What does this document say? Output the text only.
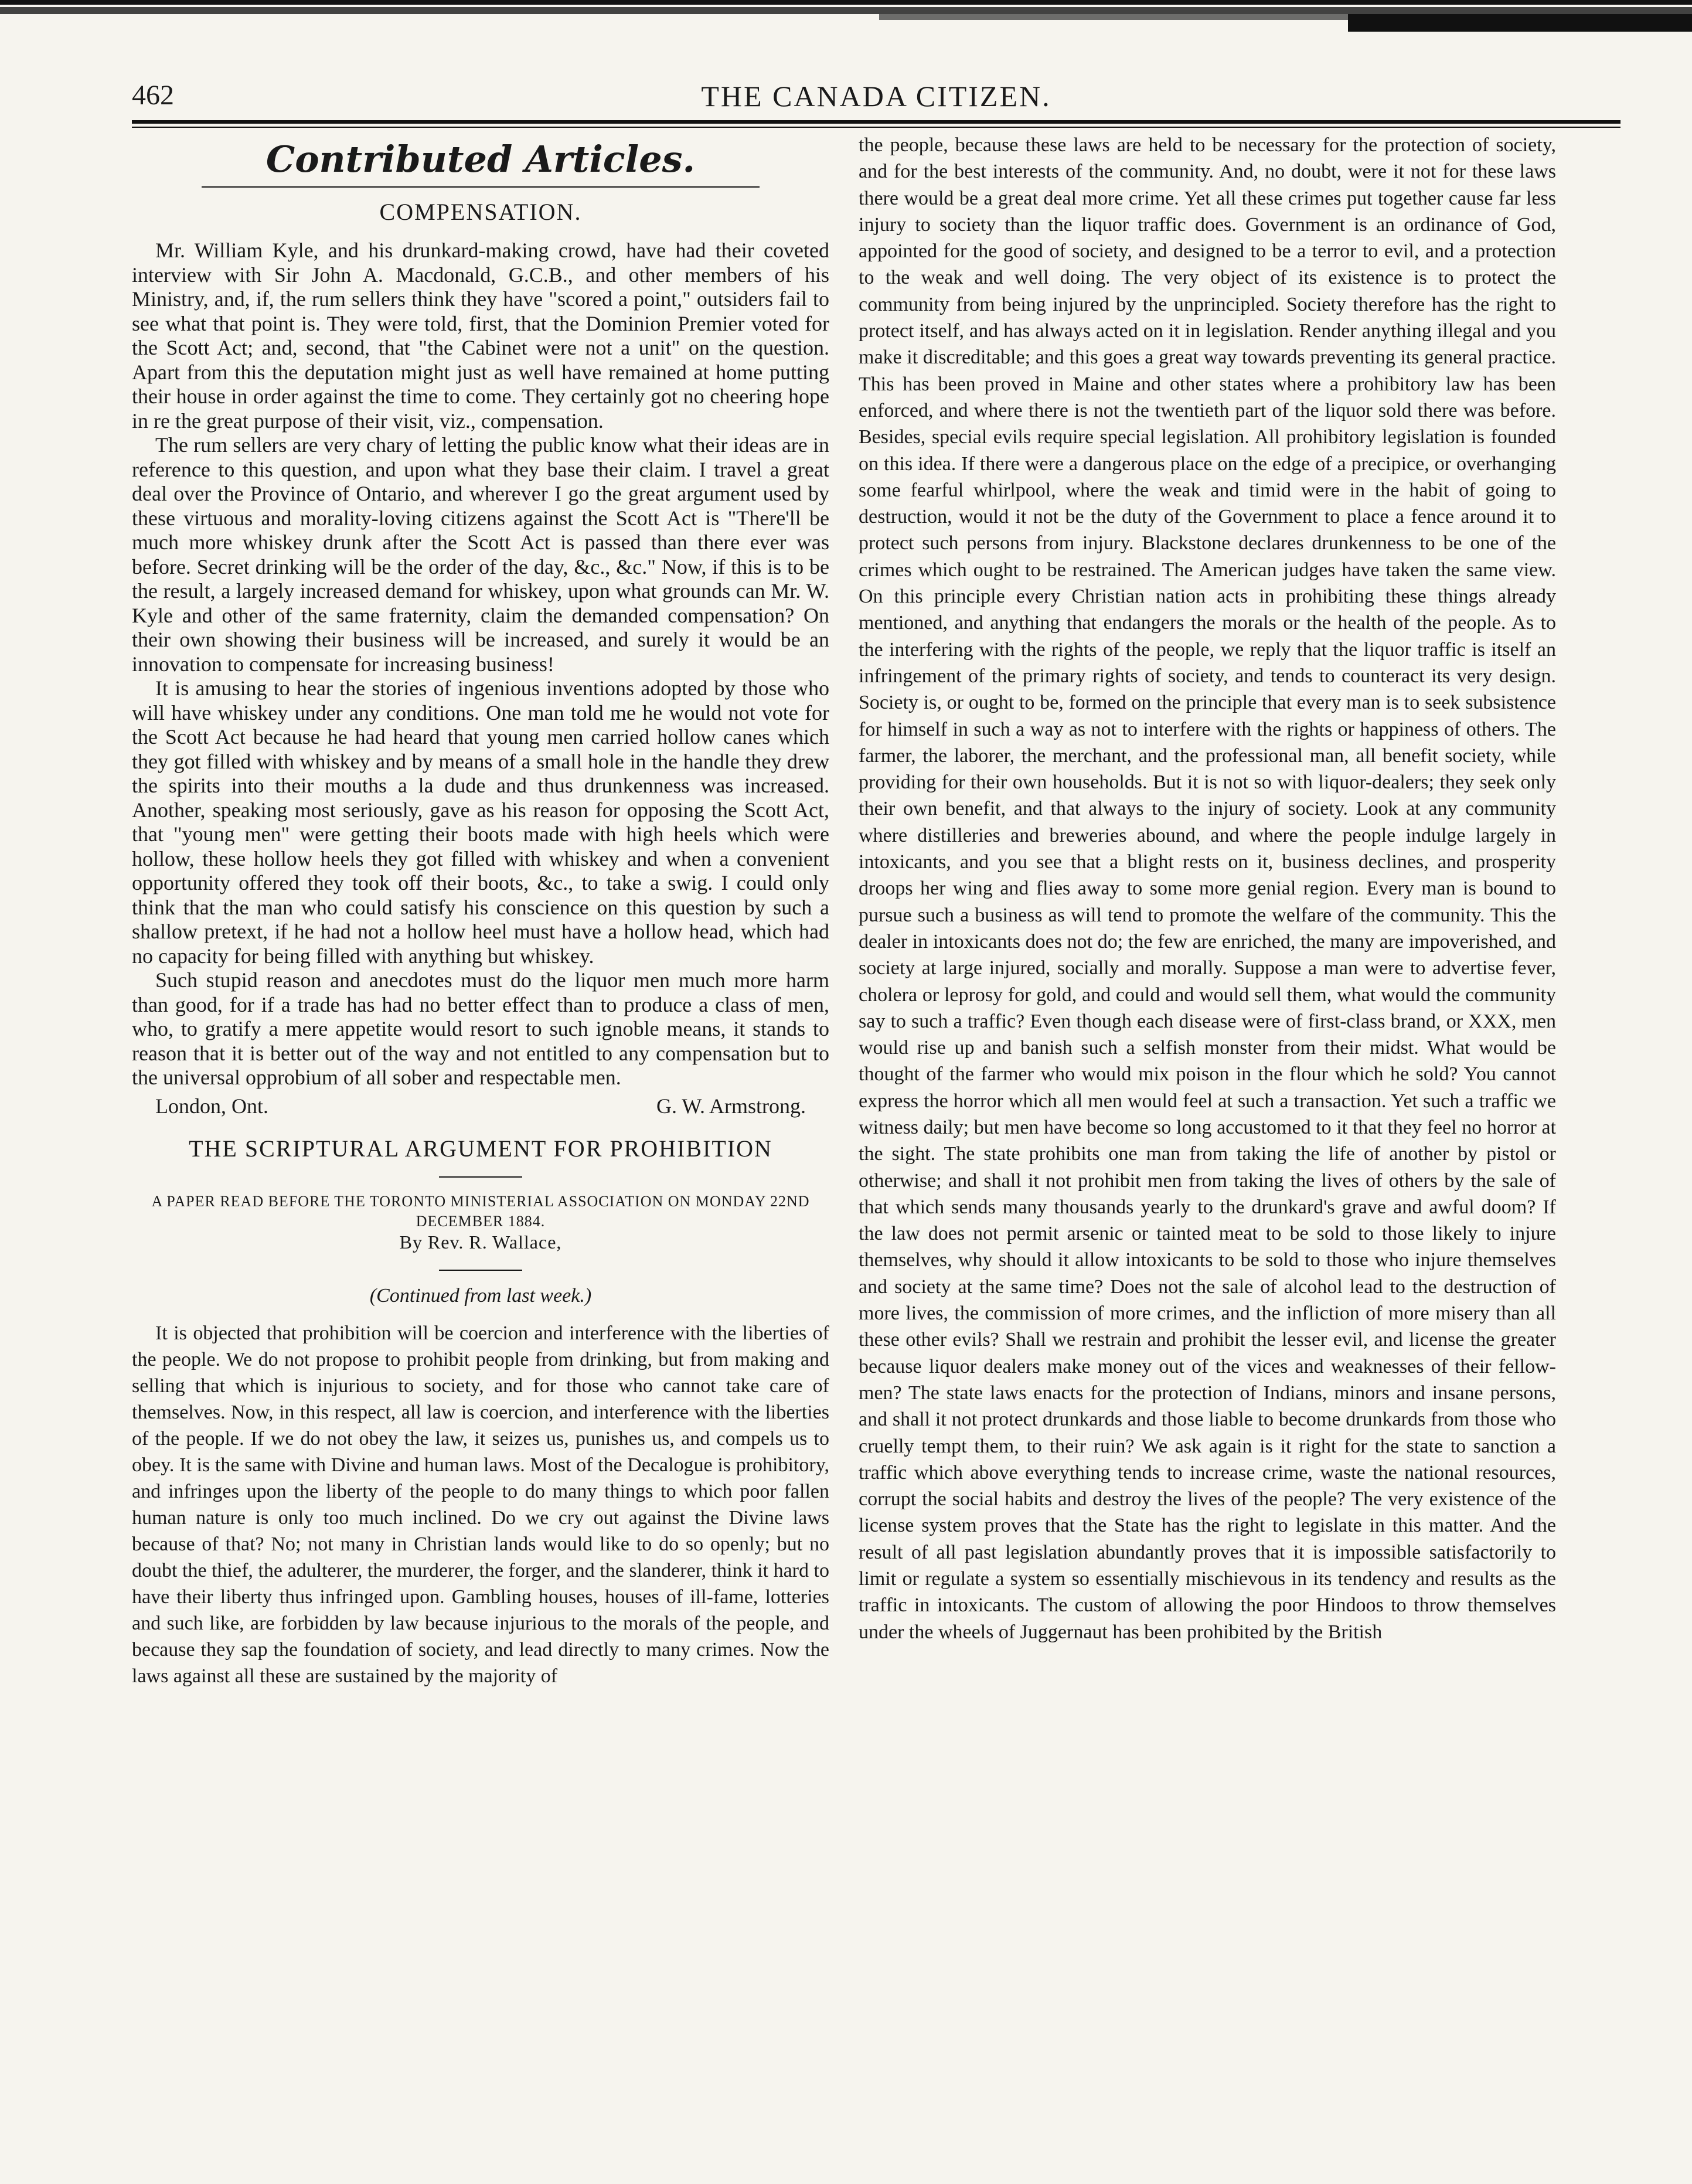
THE CANADA CITIZEN.
462
Contributed Articles.
COMPENSATION.

Mr. William Kyle, and his drunkard-making crowd, have had their coveted interview with Sir John A. Macdonald, G.C.B., and other members of his Ministry, and, if, the rum sellers think they have "scored a point," outsiders fail to see what that point is. They were told, first, that the Dominion Premier voted for the Scott Act; and, second, that "the Cabinet were not a unit" on the question. Apart from this the deputation might just as well have remained at home putting their house in order against the time to come. They certainly got no cheering hope in re the great purpose of their visit, viz., compensation.

The rum sellers are very chary of letting the public know what their ideas are in reference to this question, and upon what they base their claim. I travel a great deal over the Province of Ontario, and wherever I go the great argument used by these virtuous and morality-loving citizens against the Scott Act is "There'll be much more whiskey drunk after the Scott Act is passed than there ever was before. Secret drinking will be the order of the day, &c., &c." Now, if this is to be the result, a largely increased demand for whiskey, upon what grounds can Mr. W. Kyle and other of the same fraternity, claim the demanded compensation? On their own showing their business will be increased, and surely it would be an innovation to compensate for increasing business!

It is amusing to hear the stories of ingenious inventions adopted by those who will have whiskey under any conditions. One man told me he would not vote for the Scott Act because he had heard that young men carried hollow canes which they got filled with whiskey and by means of a small hole in the handle they drew the spirits into their mouths a la dude and thus drunkenness was increased. Another, speaking most seriously, gave as his reason for opposing the Scott Act, that "young men" were getting their boots made with high heels which were hollow, these hollow heels they got filled with whiskey and when a convenient opportunity offered they took off their boots, &c., to take a swig. I could only think that the man who could satisfy his conscience on this question by such a shallow pretext, if he had not a hollow heel must have a hollow head, which had no capacity for being filled with anything but whiskey.

Such stupid reason and anecdotes must do the liquor men much more harm than good, for if a trade has had no better effect than to produce a class of men, who, to gratify a mere appetite would resort to such ignoble means, it stands to reason that it is better out of the way and not entitled to any compensation but to the universal opprobium of all sober and respectable men.

London, Ont.	G. W. Armstrong.
THE SCRIPTURAL ARGUMENT FOR PROHIBITION
A PAPER READ BEFORE THE TORONTO MINISTERIAL ASSOCIATION ON MONDAY 22ND DECEMBER 1884.
By Rev. R. Wallace,
(Continued from last week.)

It is objected that prohibition will be coercion and interference with the liberties of the people. We do not propose to prohibit people from drinking, but from making and selling that which is injurious to society, and for those who cannot take care of themselves. Now, in this respect, all law is coercion, and interference with the liberties of the people. If we do not obey the law, it seizes us, punishes us, and compels us to obey. It is the same with Divine and human laws. Most of the Decalogue is prohibitory, and infringes upon the liberty of the people to do many things to which poor fallen human nature is only too much inclined. Do we cry out against the Divine laws because of that? No; not many in Christian lands would like to do so openly; but no doubt the thief, the adulterer, the murderer, the forger, and the slanderer, think it hard to have their liberty thus infringed upon. Gambling houses, houses of ill-fame, lotteries and such like, are forbidden by law because injurious to the morals of the people, and because they sap the foundation of society, and lead directly to many crimes. Now the laws against all these are sustained by the majority of

the people, because these laws are held to be necessary for the protection of society, and for the best interests of the community. And, no doubt, were it not for these laws there would be a great deal more crime. Yet all these crimes put together cause far less injury to society than the liquor traffic does. Government is an ordinance of God, appointed for the good of society, and designed to be a terror to evil, and a protection to the weak and well doing. The very object of its existence is to protect the community from being injured by the unprincipled. Society therefore has the right to protect itself, and has always acted on it in legislation. Render anything illegal and you make it discreditable; and this goes a great way towards preventing its general practice. This has been proved in Maine and other states where a prohibitory law has been enforced, and where there is not the twentieth part of the liquor sold there was before. Besides, special evils require special legislation. All prohibitory legislation is founded on this idea. If there were a dangerous place on the edge of a precipice, or overhanging some fearful whirlpool, where the weak and timid were in the habit of going to destruction, would it not be the duty of the Government to place a fence around it to protect such persons from injury. Blackstone declares drunkenness to be one of the crimes which ought to be restrained. The American judges have taken the same view. On this principle every Christian nation acts in prohibiting these things already mentioned, and anything that endangers the morals or the health of the people. As to the interfering with the rights of the people, we reply that the liquor traffic is itself an infringement of the primary rights of society, and tends to counteract its very design. Society is, or ought to be, formed on the principle that every man is to seek subsistence for himself in such a way as not to interfere with the rights or happiness of others. The farmer, the laborer, the merchant, and the professional man, all benefit society, while providing for their own households. But it is not so with liquor-dealers; they seek only their own benefit, and that always to the injury of society. Look at any community where distilleries and breweries abound, and where the people indulge largely in intoxicants, and you see that a blight rests on it, business declines, and prosperity droops her wing and flies away to some more genial region. Every man is bound to pursue such a business as will tend to promote the welfare of the community. This the dealer in intoxicants does not do; the few are enriched, the many are impoverished, and society at large injured, socially and morally. Suppose a man were to advertise fever, cholera or leprosy for gold, and could and would sell them, what would the community say to such a traffic? Even though each disease were of first-class brand, or XXX, men would rise up and banish such a selfish monster from their midst. What would be thought of the farmer who would mix poison in the flour which he sold? You cannot express the horror which all men would feel at such a transaction. Yet such a traffic we witness daily; but men have become so long accustomed to it that they feel no horror at the sight. The state prohibits one man from taking the life of another by pistol or otherwise; and shall it not prohibit men from taking the lives of others by the sale of that which sends many thousands yearly to the drunkard's grave and awful doom? If the law does not permit arsenic or tainted meat to be sold to those likely to injure themselves, why should it allow intoxicants to be sold to those who injure themselves and society at the same time? Does not the sale of alcohol lead to the destruction of more lives, the commission of more crimes, and the infliction of more misery than all these other evils? Shall we restrain and prohibit the lesser evil, and license the greater because liquor dealers make money out of the vices and weaknesses of their fellow-men? The state laws enacts for the protection of Indians, minors and insane persons, and shall it not protect drunkards and those liable to become drunkards from those who cruelly tempt them, to their ruin? We ask again is it right for the state to sanction a traffic which above everything tends to increase crime, waste the national resources, corrupt the social habits and destroy the lives of the people? The very existence of the license system proves that the State has the right to legislate in this matter. And the result of all past legislation abundantly proves that it is impossible satisfactorily to limit or regulate a system so essentially mischievous in its tendency and results as the traffic in intoxicants. The custom of allowing the poor Hindoos to throw themselves under the wheels of Juggernaut has been prohibited by the British
